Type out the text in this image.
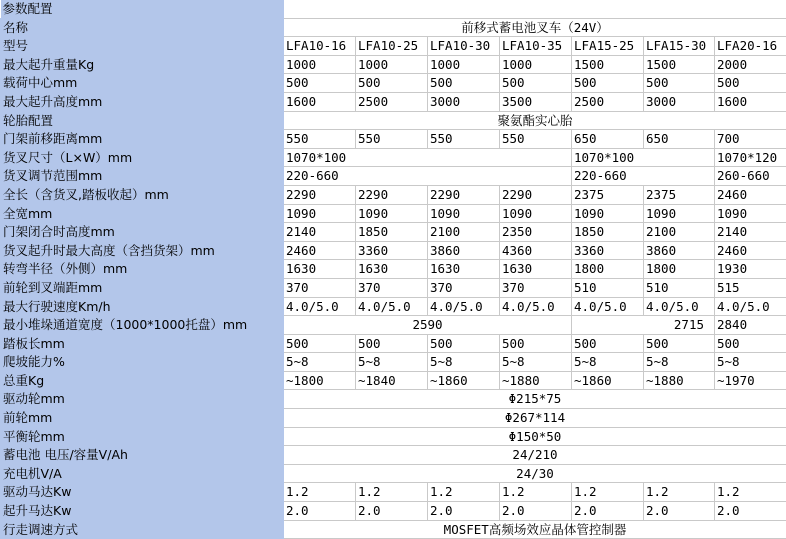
参数配置							
名称	前移式蓄电池叉车（24V）						
型号	LFA10-16	LFA10-25	LFA10-30	LFA10-35	LFA15-25	LFA15-30	LFA20-16
最大起升重量Kg	1000	1000	1000	1000	1500	1500	2000
载荷中心mm	500	500	500	500	500	500	500
最大起升高度mm	1600	2500	3000	3500	2500	3000	1600
轮胎配置	聚氨酯实心胎						
门架前移距离mm	550	550	550	550	650	650	700
货叉尺寸（L×W）mm	1070*100				1070*100		1070*120
货叉调节范围mm	220-660				220-660		260-660
全长（含货叉,踏板收起）mm	2290	2290	2290	2290	2375	2375	2460
全宽mm	1090	1090	1090	1090	1090	1090	1090
门架闭合时高度mm	2140	1850	2100	2350	1850	2100	2140
货叉起升时最大高度（含挡货架）mm	2460	3360	3860	4360	3360	3860	2460
转弯半径（外侧）mm	1630	1630	1630	1630	1800	1800	1930
前轮到叉端距mm	370	370	370	370	510	510	515
最大行驶速度Km/h	4.0/5.0	4.0/5.0	4.0/5.0	4.0/5.0	4.0/5.0	4.0/5.0	4.0/5.0
最小堆垛通道宽度（1000*1000托盘）mm	2590				2715		2840
踏板长mm	500	500	500	500	500	500	500
爬坡能力%	5~8	5~8	5~8	5~8	5~8	5~8	5~8
总重Kg	~1800	~1840	~1860	~1880	~1860	~1880	~1970
驱动轮mm	Φ215*75						
前轮mm	Φ267*114						
平衡轮mm	Φ150*50						
蓄电池 电压/容量V/Ah	24/210						
充电机V/A	24/30						
驱动马达Kw	1.2	1.2	1.2	1.2	1.2	1.2	1.2
起升马达Kw	2.0	2.0	2.0	2.0	2.0	2.0	2.0
行走调速方式	MOSFET高频场效应晶体管控制器						
